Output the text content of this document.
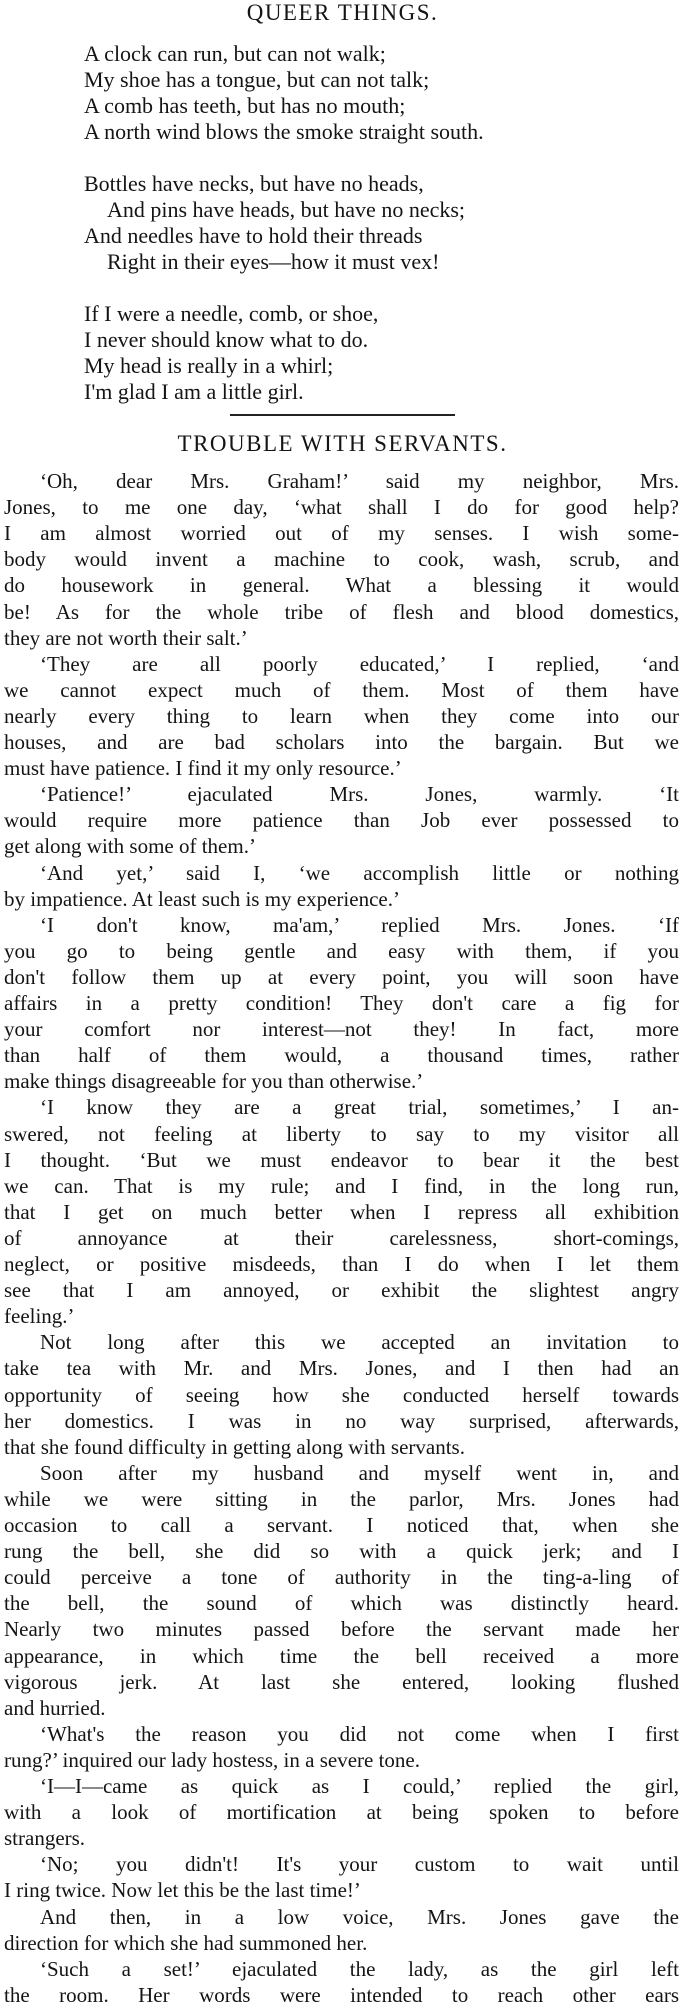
QUEER THINGS.
A clock can run, but can not walk;
My shoe has a tongue, but can not talk;
A comb has teeth, but has no mouth;
A north wind blows the smoke straight south.
Bottles have necks, but have no heads,
And pins have heads, but have no necks;
And needles have to hold their threads
Right in their eyes—how it must vex!
If I were a needle, comb, or shoe,
I never should know what to do.
My head is really in a whirl;
I'm glad I am a little girl.
TROUBLE WITH SERVANTS.
‘Oh, dear Mrs. Graham!’ said my neighbor, Mrs.
Jones, to me one day, ‘what shall I do for good help?
I am almost worried out of my senses. I wish some-
body would invent a machine to cook, wash, scrub, and
do housework in general. What a blessing it would
be! As for the whole tribe of flesh and blood domestics,
they are not worth their salt.’
‘They are all poorly educated,’ I replied, ‘and
we cannot expect much of them. Most of them have
nearly every thing to learn when they come into our
houses, and are bad scholars into the bargain. But we
must have patience. I find it my only resource.’
‘Patience!’ ejaculated Mrs. Jones, warmly. ‘It
would require more patience than Job ever possessed to
get along with some of them.’
‘And yet,’ said I, ‘we accomplish little or nothing
by impatience. At least such is my experience.’
‘I don't know, ma'am,’ replied Mrs. Jones. ‘If
you go to being gentle and easy with them, if you
don't follow them up at every point, you will soon have
affairs in a pretty condition! They don't care a fig for
your comfort nor interest—not they! In fact, more
than half of them would, a thousand times, rather
make things disagreeable for you than otherwise.’
‘I know they are a great trial, sometimes,’ I an-
swered, not feeling at liberty to say to my visitor all
I thought. ‘But we must endeavor to bear it the best
we can. That is my rule; and I find, in the long run,
that I get on much better when I repress all exhibition
of annoyance at their carelessness, short-comings,
neglect, or positive misdeeds, than I do when I let them
see that I am annoyed, or exhibit the slightest angry
feeling.’
Not long after this we accepted an invitation to
take tea with Mr. and Mrs. Jones, and I then had an
opportunity of seeing how she conducted herself towards
her domestics. I was in no way surprised, afterwards,
that she found difficulty in getting along with servants.
Soon after my husband and myself went in, and
while we were sitting in the parlor, Mrs. Jones had
occasion to call a servant. I noticed that, when she
rung the bell, she did so with a quick jerk; and I
could perceive a tone of authority in the ting-a-ling of
the bell, the sound of which was distinctly heard.
Nearly two minutes passed before the servant made her
appearance, in which time the bell received a more
vigorous jerk. At last she entered, looking flushed
and hurried.
‘What's the reason you did not come when I first
rung?’ inquired our lady hostess, in a severe tone.
‘I—I—came as quick as I could,’ replied the girl,
with a look of mortification at being spoken to before
strangers.
‘No; you didn't! It's your custom to wait until
I ring twice. Now let this be the last time!’
And then, in a low voice, Mrs. Jones gave the
direction for which she had summoned her.
‘Such a set!’ ejaculated the lady, as the girl left
the room. Her words were intended to reach other ears
